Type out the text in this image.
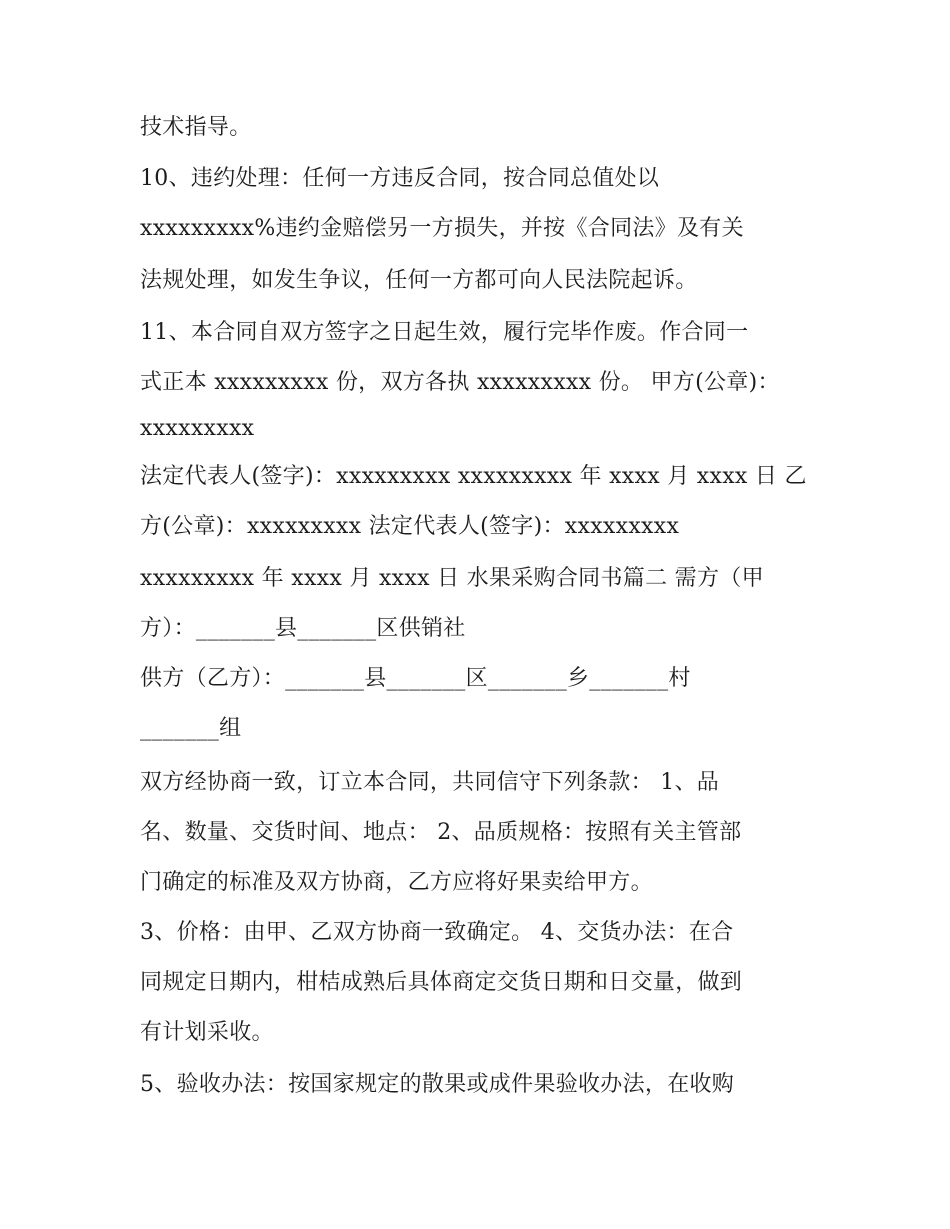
技术指导。
10、违约处理：任何一方违反合同，按合同总值处以
xxxxxxxxx%违约金赔偿另一方损失，并按《合同法》及有关
法规处理，如发生争议，任何一方都可向人民法院起诉。
11、本合同自双方签字之日起生效，履行完毕作废。作合同一
式正本 xxxxxxxxx 份，双方各执 xxxxxxxxx 份。 甲方(公章)：
xxxxxxxxx
法定代表人(签字)：xxxxxxxxx xxxxxxxxx 年 xxxx 月 xxxx 日 乙
方(公章)：xxxxxxxxx 法定代表人(签字)：xxxxxxxxx
xxxxxxxxx 年 xxxx 月 xxxx 日 水果采购合同书篇二 需方（甲
方）：_______县_______区供销社
供方（乙方）：_______县_______区_______乡_______村
_______组
双方经协商一致，订立本合同，共同信守下列条款： 1、品
名、数量、交货时间、地点： 2、品质规格：按照有关主管部
门确定的标准及双方协商，乙方应将好果卖给甲方。
3、价格：由甲、乙双方协商一致确定。 4、交货办法：在合
同规定日期内，柑桔成熟后具体商定交货日期和日交量，做到
有计划采收。
5、验收办法：按国家规定的散果或成件果验收办法，在收购
